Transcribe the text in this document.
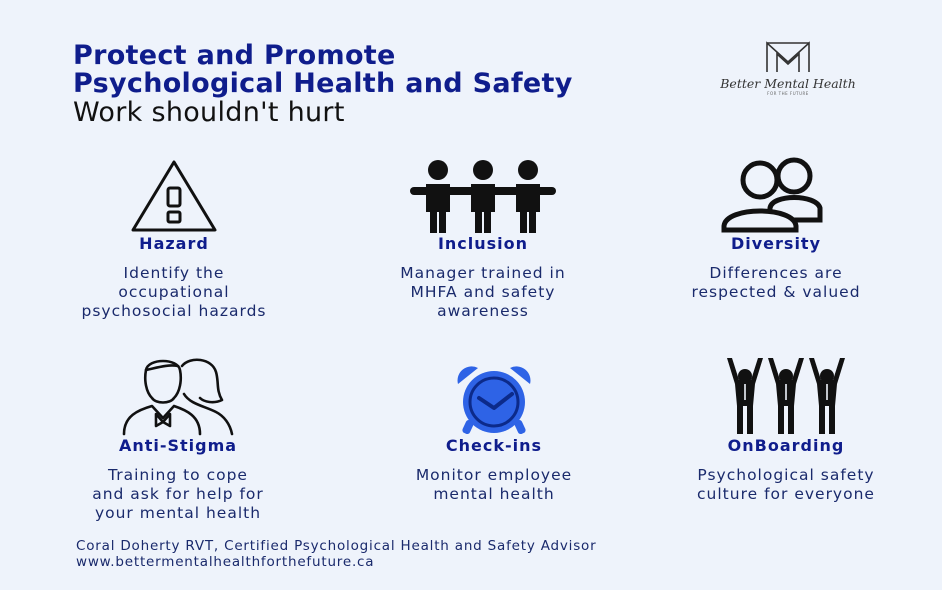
Protect and Promote
Psychological Health and Safety
Work shouldn't hurt
Better Mental Health
FOR THE FUTURE
Hazard
Identify the
occupational
psychosocial hazards
Inclusion
Manager trained in
MHFA and safety
awareness
Diversity
Differences are
respected & valued
Anti-Stigma
Training to cope
and ask for help for
your mental health
Check-ins
Monitor employee
mental health
OnBoarding
Psychological safety
culture for everyone
Coral Doherty RVT, Certified Psychological Health and Safety Advisor
www.bettermentalhealthforthefuture.ca
